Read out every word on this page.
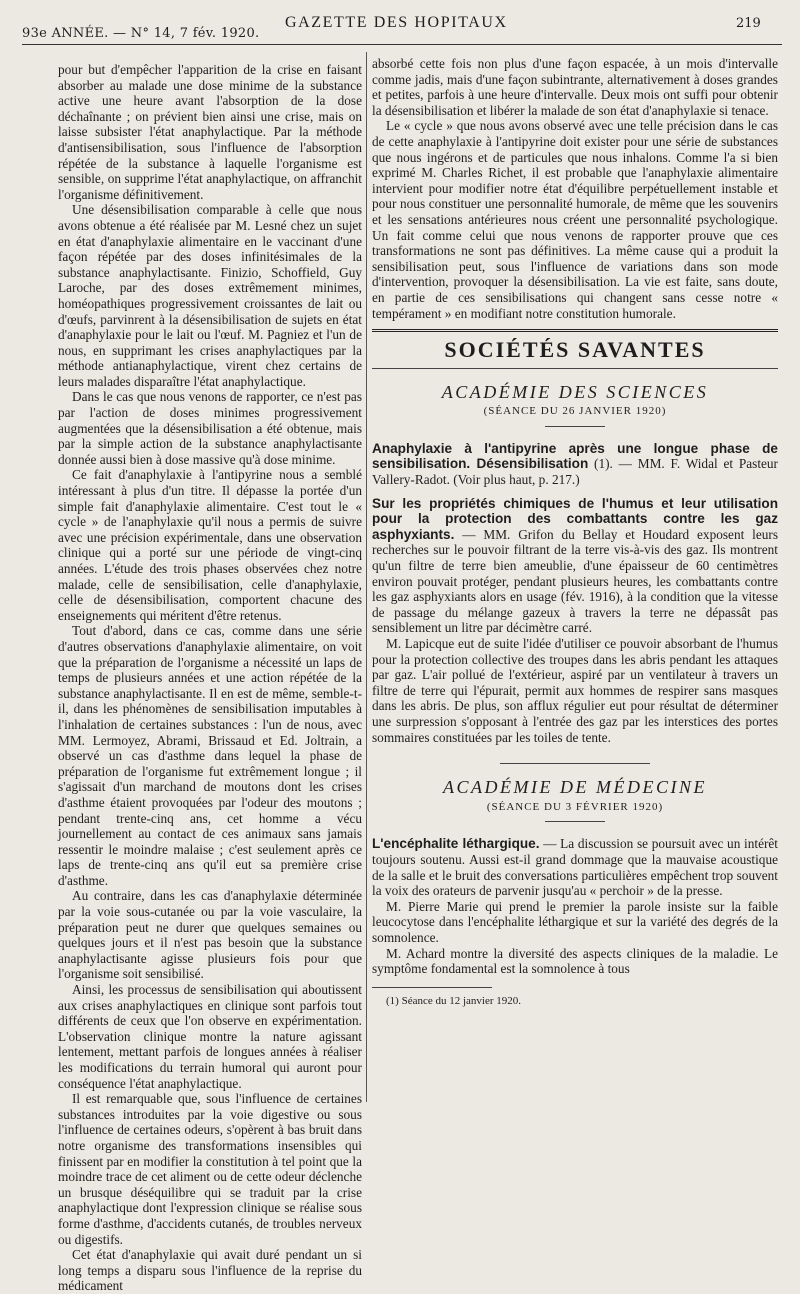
93e ANNÉE. — N° 14, 7 fév. 1920.
GAZETTE DES HOPITAUX	219

pour but d'empêcher l'apparition de la crise en faisant absorber au malade une dose minime de la substance active une heure avant l'absorption de la dose déchaînante ; on prévient bien ainsi une crise, mais on laisse subsister l'état anaphylactique. Par la méthode d'antisensibilisation, sous l'influence de l'absorption répétée de la substance à laquelle l'organisme est sensible, on supprime l'état anaphylactique, on affranchit l'organisme définitivement.

Une désensibilisation comparable à celle que nous avons obtenue a été réalisée par M. Lesné chez un sujet en état d'anaphylaxie alimentaire en le vaccinant d'une façon répétée par des doses infinitésimales de la substance anaphylactisante. Finizio, Schoffield, Guy Laroche, par des doses extrêmement minimes, homéopathiques progressivement croissantes de lait ou d'œufs, parvinrent à la désensibilisation de sujets en état d'anaphylaxie pour le lait ou l'œuf. M. Pagniez et l'un de nous, en supprimant les crises anaphylactiques par la méthode antianaphylactique, virent chez certains de leurs malades disparaître l'état anaphylactique.

Dans le cas que nous venons de rapporter, ce n'est pas par l'action de doses minimes progressivement augmentées que la désensibilisation a été obtenue, mais par la simple action de la substance anaphylactisante donnée aussi bien à dose massive qu'à dose minime.

Ce fait d'anaphylaxie à l'antipyrine nous a semblé intéressant à plus d'un titre. Il dépasse la portée d'un simple fait d'anaphylaxie alimentaire. C'est tout le « cycle » de l'anaphylaxie qu'il nous a permis de suivre avec une précision expérimentale, dans une observation clinique qui a porté sur une période de vingt-cinq années. L'étude des trois phases observées chez notre malade, celle de sensibilisation, celle d'anaphylaxie, celle de désensibilisation, comportent chacune des enseignements qui méritent d'être retenus.

Tout d'abord, dans ce cas, comme dans une série d'autres observations d'anaphylaxie alimentaire, on voit que la préparation de l'organisme a nécessité un laps de temps de plusieurs années et une action répétée de la substance anaphylactisante. Il en est de même, semble-t-il, dans les phénomènes de sensibilisation imputables à l'inhalation de certaines substances : l'un de nous, avec MM. Lermoyez, Abrami, Brissaud et Ed. Joltrain, a observé un cas d'asthme dans lequel la phase de préparation de l'organisme fut extrêmement longue ; il s'agissait d'un marchand de moutons dont les crises d'asthme étaient provoquées par l'odeur des moutons ; pendant trente-cinq ans, cet homme a vécu journellement au contact de ces animaux sans jamais ressentir le moindre malaise ; c'est seulement après ce laps de trente-cinq ans qu'il eut sa première crise d'asthme.

Au contraire, dans les cas d'anaphylaxie déterminée par la voie sous-cutanée ou par la voie vasculaire, la préparation peut ne durer que quelques semaines ou quelques jours et il n'est pas besoin que la substance anaphylactisante agisse plusieurs fois pour que l'organisme soit sensibilisé.

Ainsi, les processus de sensibilisation qui aboutissent aux crises anaphylactiques en clinique sont parfois tout différents de ceux que l'on observe en expérimentation. L'observation clinique montre la nature agissant lentement, mettant parfois de longues années à réaliser les modifications du terrain humoral qui auront pour conséquence l'état anaphylactique.

Il est remarquable que, sous l'influence de certaines substances introduites par la voie digestive ou sous l'influence de certaines odeurs, s'opèrent à bas bruit dans notre organisme des transformations insensibles qui finissent par en modifier la constitution à tel point que la moindre trace de cet aliment ou de cette odeur déclenche un brusque déséquilibre qui se traduit par la crise anaphylactique dont l'expression clinique se réalise sous forme d'asthme, d'accidents cutanés, de troubles nerveux ou digestifs.

Cet état d'anaphylaxie qui avait duré pendant un si long temps a disparu sous l'influence de la reprise du médicament

absorbé cette fois non plus d'une façon espacée, à un mois d'intervalle comme jadis, mais d'une façon subintrante, alternativement à doses grandes et petites, parfois à une heure d'intervalle. Deux mois ont suffi pour obtenir la désensibilisation et libérer la malade de son état d'anaphylaxie si tenace.

Le « cycle » que nous avons observé avec une telle précision dans le cas de cette anaphylaxie à l'antipyrine doit exister pour une série de substances que nous ingérons et de particules que nous inhalons. Comme l'a si bien exprimé M. Charles Richet, il est probable que l'anaphylaxie alimentaire intervient pour modifier notre état d'équilibre perpétuellement instable et pour nous constituer une personnalité humorale, de même que les souvenirs et les sensations antérieures nous créent une personnalité psychologique. Un fait comme celui que nous venons de rapporter prouve que ces transformations ne sont pas définitives. La même cause qui a produit la sensibilisation peut, sous l'influence de variations dans son mode d'intervention, provoquer la désensibilisation. La vie est faite, sans doute, en partie de ces sensibilisations qui changent sans cesse notre « tempérament » en modifiant notre constitution humorale.

SOCIÉTÉS SAVANTES
ACADÉMIE DES SCIENCES
(SÉANCE DU 26 JANVIER 1920)

Anaphylaxie à l'antipyrine après une longue phase de sensibilisation. Désensibilisation (1). — MM. F. Widal et Pasteur Vallery-Radot. (Voir plus haut, p. 217.)

Sur les propriétés chimiques de l'humus et leur utilisation pour la protection des combattants contre les gaz asphyxiants. — MM. Grifon du Bellay et Houdard exposent leurs recherches sur le pouvoir filtrant de la terre vis-à-vis des gaz. Ils montrent qu'un filtre de terre bien ameublie, d'une épaisseur de 60 centimètres environ pouvait protéger, pendant plusieurs heures, les combattants contre les gaz asphyxiants alors en usage (fév. 1916), à la condition que la vitesse de passage du mélange gazeux à travers la terre ne dépassât pas sensiblement un litre par décimètre carré.

M. Lapicque eut de suite l'idée d'utiliser ce pouvoir absorbant de l'humus pour la protection collective des troupes dans les abris pendant les attaques par gaz. L'air pollué de l'extérieur, aspiré par un ventilateur à travers un filtre de terre qui l'épurait, permit aux hommes de respirer sans masques dans les abris. De plus, son afflux régulier eut pour résultat de déterminer une surpression s'opposant à l'entrée des gaz par les interstices des portes sommaires constituées par les toiles de tente.

ACADÉMIE DE MÉDECINE
(SÉANCE DU 3 FÉVRIER 1920)

L'encéphalite léthargique. — La discussion se poursuit avec un intérêt toujours soutenu. Aussi est-il grand dommage que la mauvaise acoustique de la salle et le bruit des conversations particulières empêchent trop souvent la voix des orateurs de parvenir jusqu'au « perchoir » de la presse.

M. Pierre Marie qui prend le premier la parole insiste sur la faible leucocytose dans l'encéphalite léthargique et sur la variété des degrés de la somnolence.

M. Achard montre la diversité des aspects cliniques de la maladie. Le symptôme fondamental est la somnolence à tous

(1) Séance du 12 janvier 1920.
